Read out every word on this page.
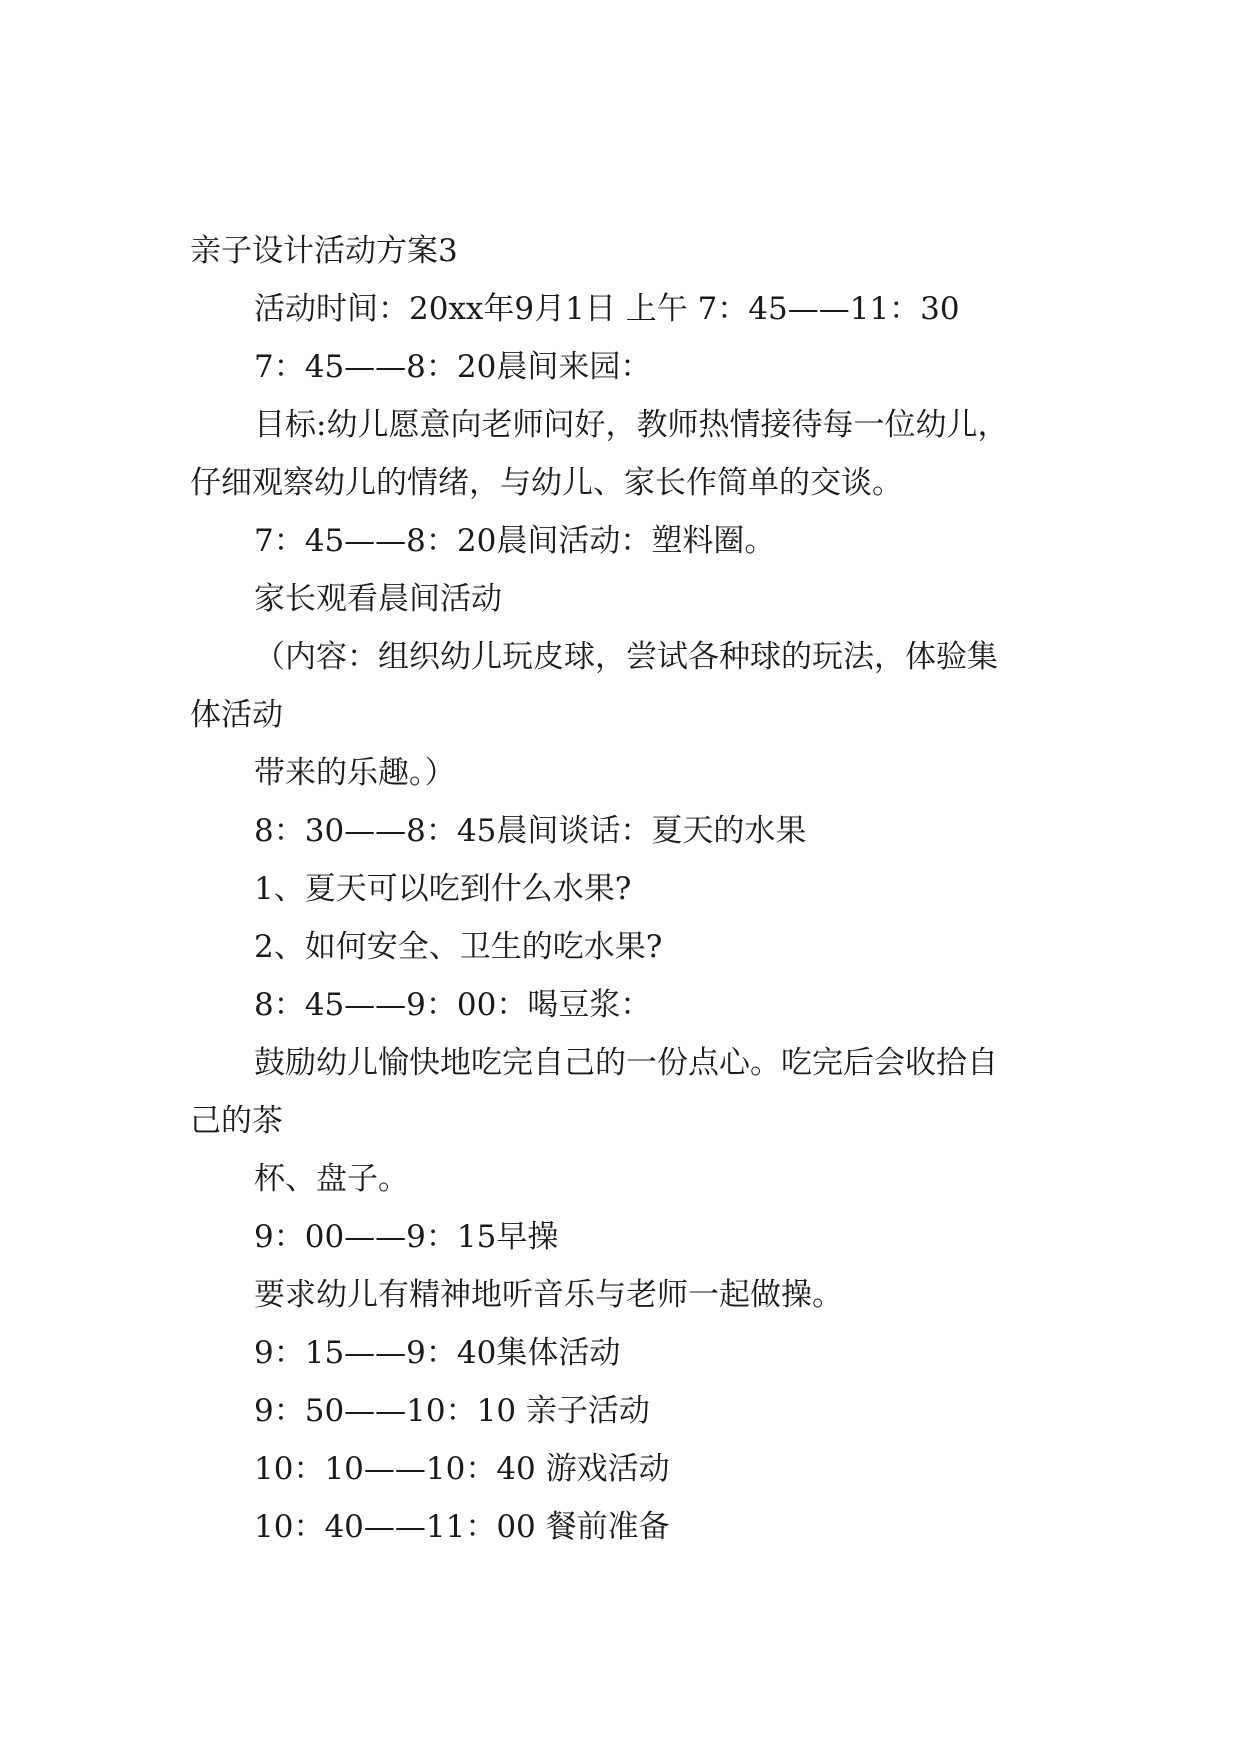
亲子设计活动方案3
活动时间：20xx年9月1日 上午 7：45——11：30
7：45——8：20晨间来园：
目标:幼儿愿意向老师问好，教师热情接待每一位幼儿，
仔细观察幼儿的情绪，与幼儿、家长作简单的交谈。
7：45——8：20晨间活动：塑料圈。
家长观看晨间活动
（内容：组织幼儿玩皮球，尝试各种球的玩法，体验集
体活动
带来的乐趣。）
8：30——8：45晨间谈话：夏天的水果
1、夏天可以吃到什么水果?
2、如何安全、卫生的吃水果?
8：45——9：00：喝豆浆：
鼓励幼儿愉快地吃完自己的一份点心。吃完后会收拾自
己的茶
杯、盘子。
9：00——9：15早操
要求幼儿有精神地听音乐与老师一起做操。
9：15——9：40集体活动
9：50——10：10 亲子活动
10：10——10：40 游戏活动
10：40——11：00 餐前准备
